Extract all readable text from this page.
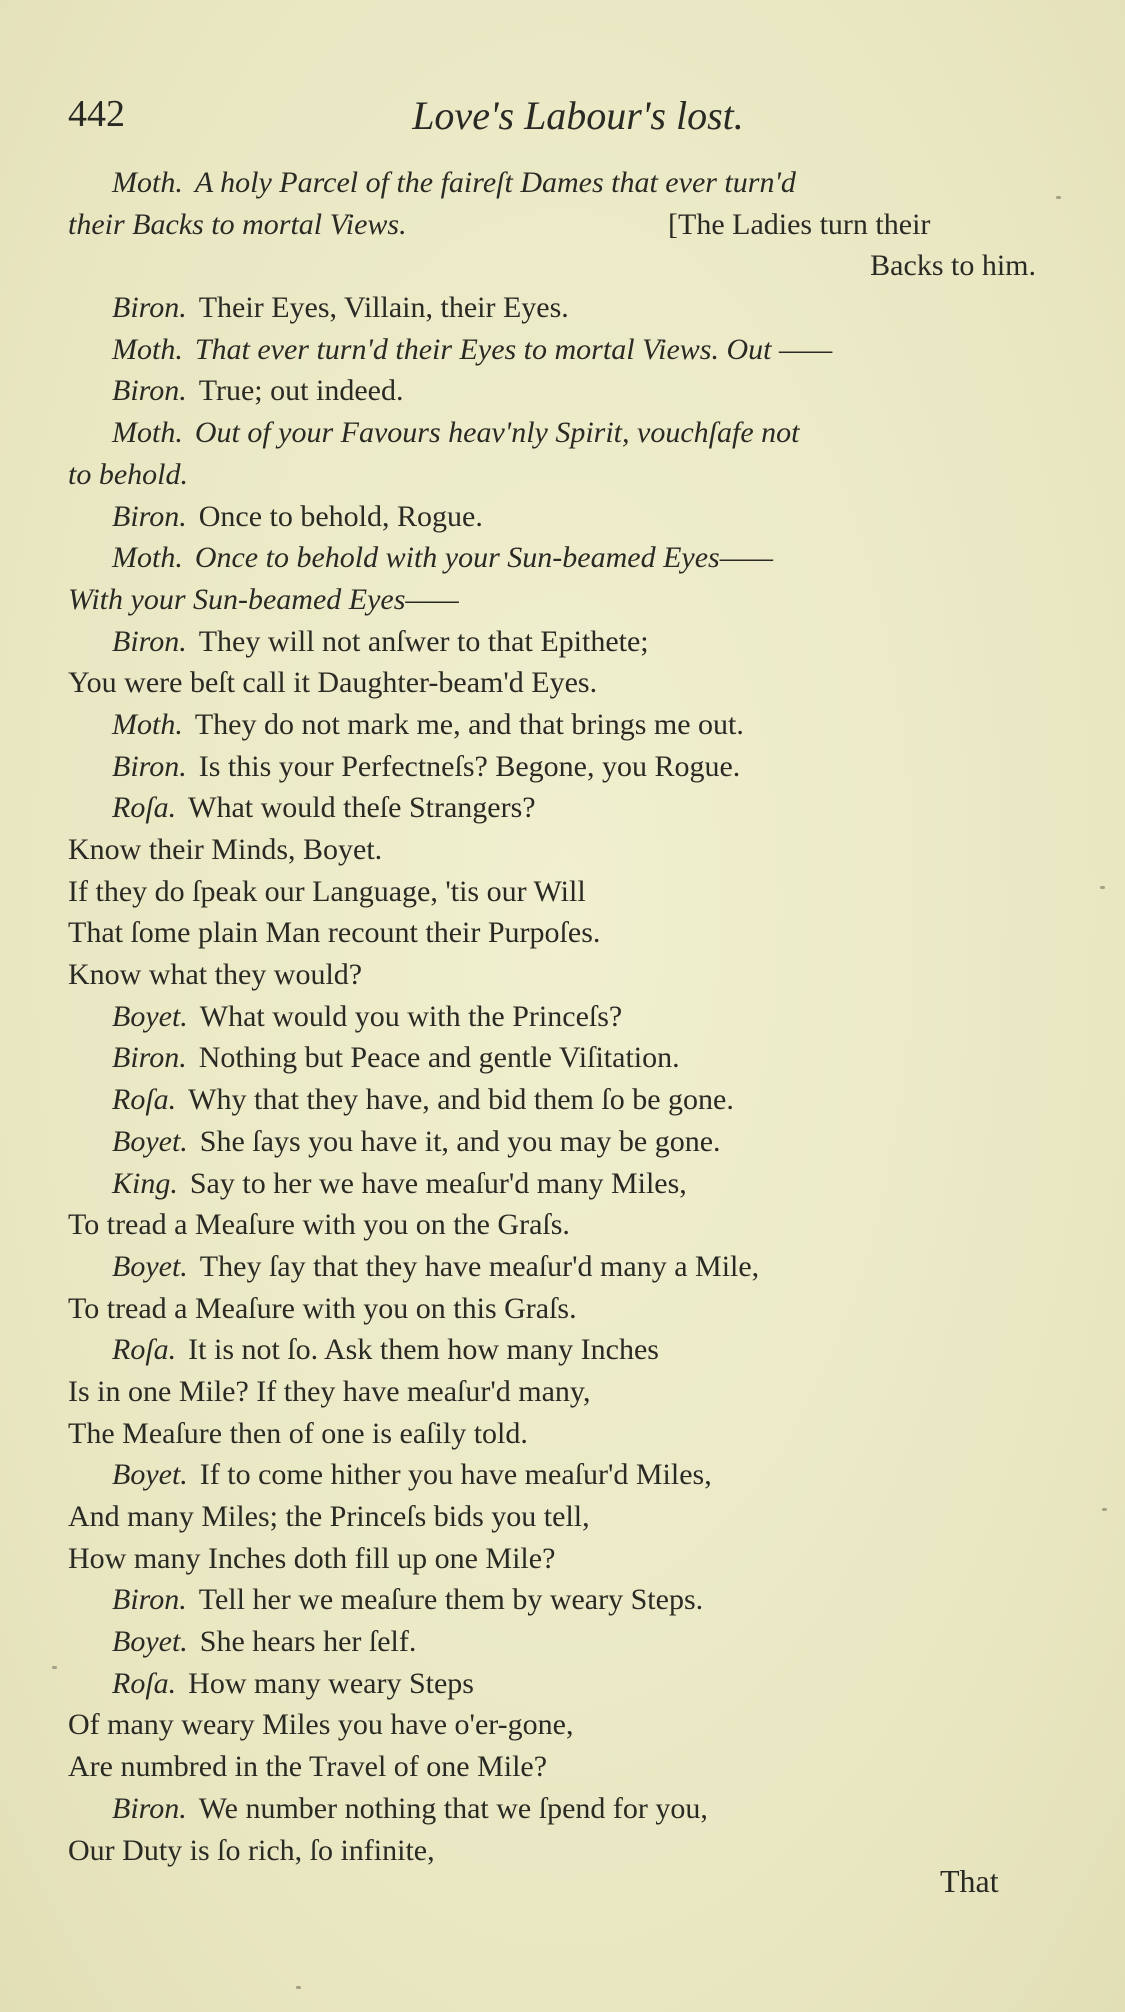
442	Love's Labour's lost.
Moth. A holy Parcel of the faireſt Dames that ever turn'd
their Backs to mortal Views.	[The Ladies turn their
Backs to him.
Biron. Their Eyes, Villain, their Eyes.
Moth. That ever turn'd their Eyes to mortal Views. Out ——
Biron. True; out indeed.
Moth. Out of your Favours heav'nly Spirit, vouchſafe not
to behold.
Biron. Once to behold, Rogue.
Moth. Once to behold with your Sun-beamed Eyes——
With your Sun-beamed Eyes——
Biron. They will not anſwer to that Epithete;
You were beſt call it Daughter-beam'd Eyes.
Moth. They do not mark me, and that brings me out.
Biron. Is this your Perfectneſs? Begone, you Rogue.
Roſa. What would theſe Strangers?
Know their Minds, Boyet.
If they do ſpeak our Language, 'tis our Will
That ſome plain Man recount their Purpoſes.
Know what they would?
Boyet. What would you with the Princeſs?
Biron. Nothing but Peace and gentle Viſitation.
Roſa. Why that they have, and bid them ſo be gone.
Boyet. She ſays you have it, and you may be gone.
King. Say to her we have meaſur'd many Miles,
To tread a Meaſure with you on the Graſs.
Boyet. They ſay that they have meaſur'd many a Mile,
To tread a Meaſure with you on this Graſs.
Roſa. It is not ſo. Ask them how many Inches
Is in one Mile? If they have meaſur'd many,
The Meaſure then of one is eaſily told.
Boyet. If to come hither you have meaſur'd Miles,
And many Miles; the Princeſs bids you tell,
How many Inches doth fill up one Mile?
Biron. Tell her we meaſure them by weary Steps.
Boyet. She hears her ſelf.
Roſa. How many weary Steps
Of many weary Miles you have o'er-gone,
Are numbred in the Travel of one Mile?
Biron. We number nothing that we ſpend for you,
Our Duty is ſo rich, ſo infinite,
That
